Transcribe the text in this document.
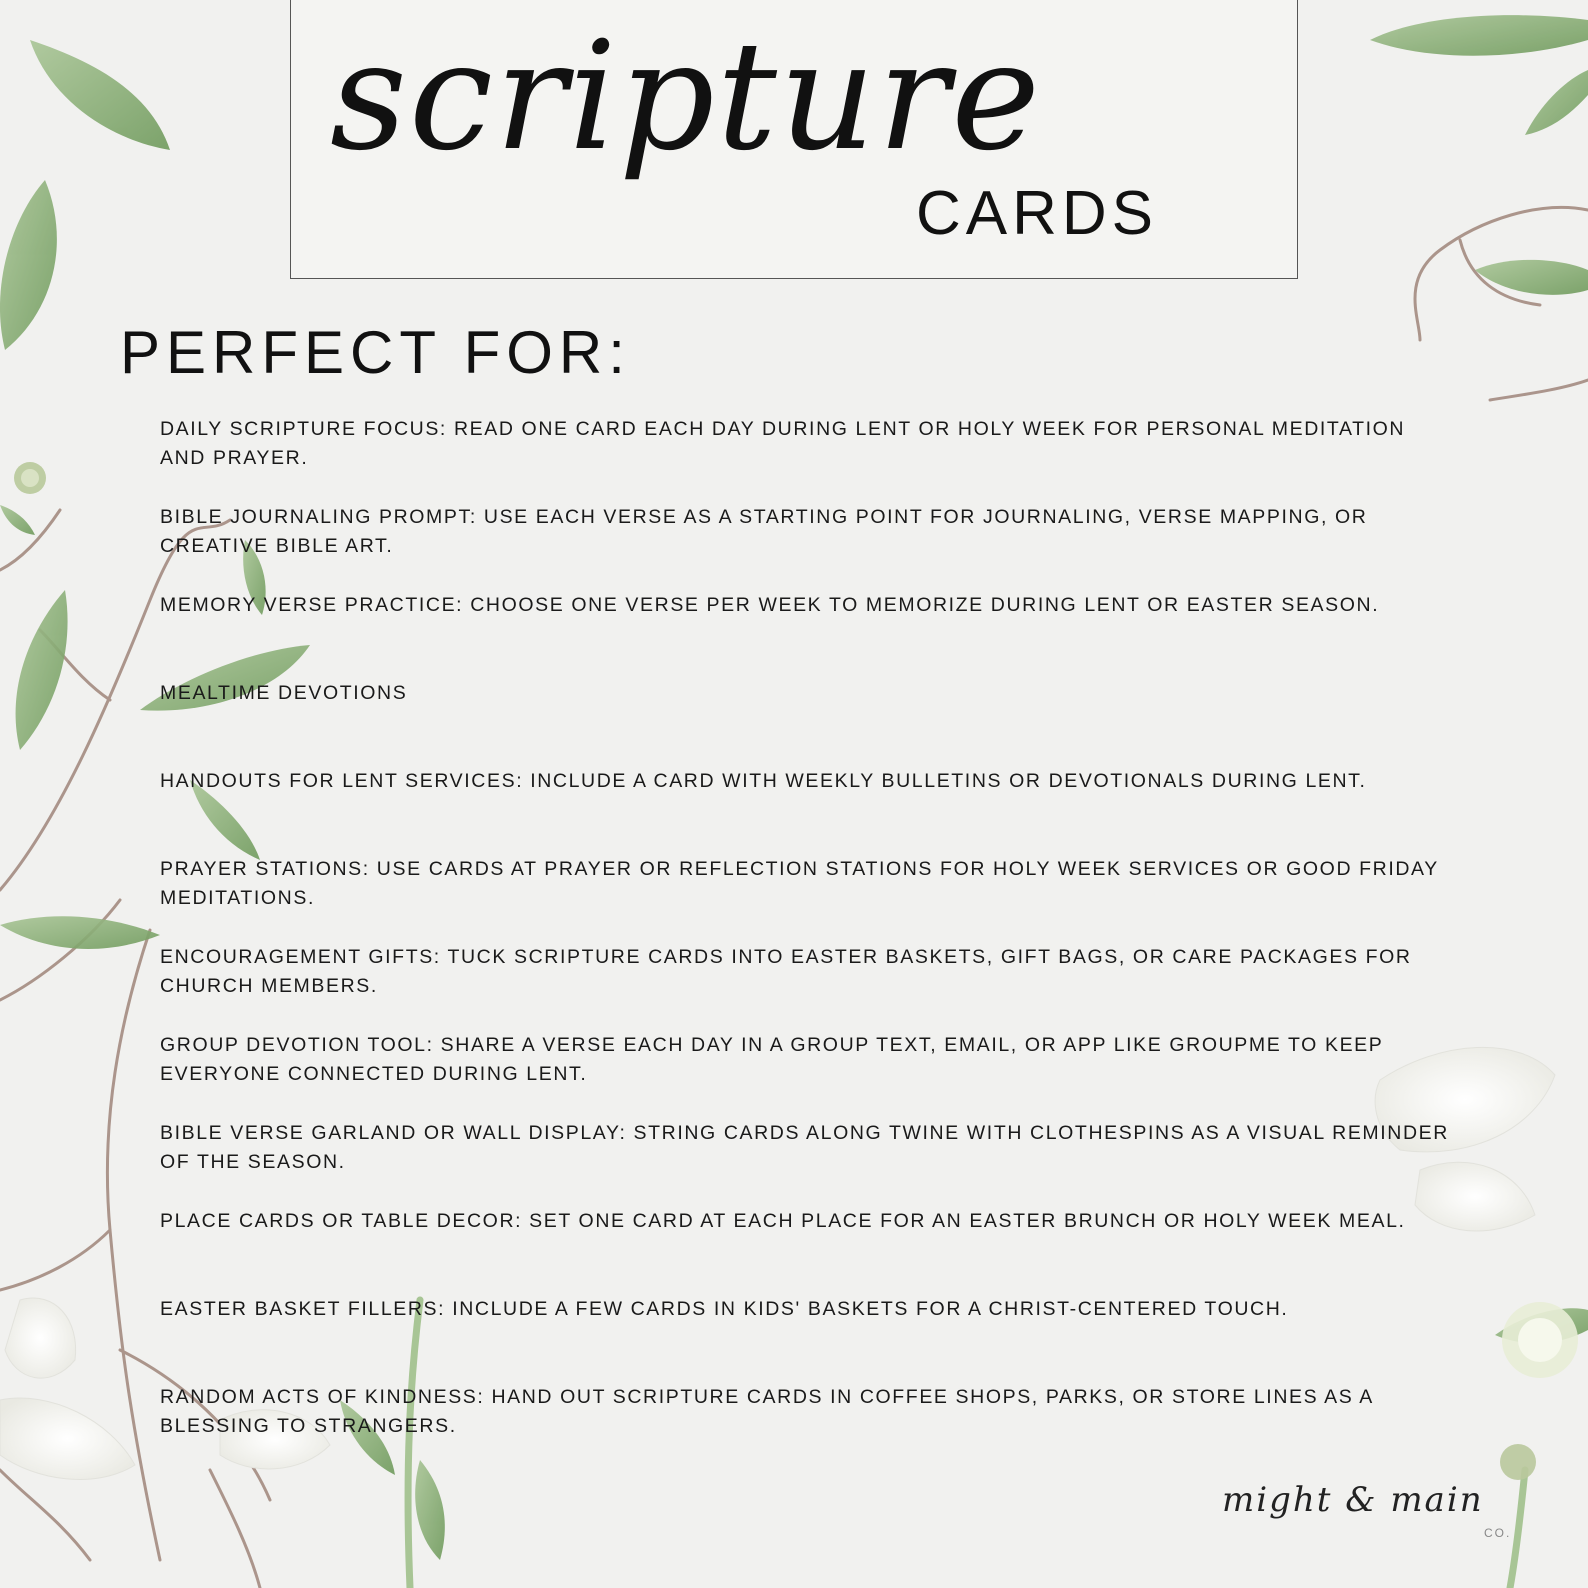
scripture
CARDS
PERFECT FOR:
DAILY SCRIPTURE FOCUS: READ ONE CARD EACH DAY DURING LENT OR HOLY WEEK FOR PERSONAL MEDITATION AND PRAYER.
BIBLE JOURNALING PROMPT: USE EACH VERSE AS A STARTING POINT FOR JOURNALING, VERSE MAPPING, OR CREATIVE BIBLE ART.
MEMORY VERSE PRACTICE: CHOOSE ONE VERSE PER WEEK TO MEMORIZE DURING LENT OR EASTER SEASON.
MEALTIME DEVOTIONS
HANDOUTS FOR LENT SERVICES: INCLUDE A CARD WITH WEEKLY BULLETINS OR DEVOTIONALS DURING LENT.
PRAYER STATIONS: USE CARDS AT PRAYER OR REFLECTION STATIONS FOR HOLY WEEK SERVICES OR GOOD FRIDAY MEDITATIONS.
ENCOURAGEMENT GIFTS: TUCK SCRIPTURE CARDS INTO EASTER BASKETS, GIFT BAGS, OR CARE PACKAGES FOR CHURCH MEMBERS.
GROUP DEVOTION TOOL: SHARE A VERSE EACH DAY IN A GROUP TEXT, EMAIL, OR APP LIKE GROUPME TO KEEP EVERYONE CONNECTED DURING LENT.
BIBLE VERSE GARLAND OR WALL DISPLAY: STRING CARDS ALONG TWINE WITH CLOTHESPINS AS A VISUAL REMINDER OF THE SEASON.
PLACE CARDS OR TABLE DECOR: SET ONE CARD AT EACH PLACE FOR AN EASTER BRUNCH OR HOLY WEEK MEAL.
EASTER BASKET FILLERS: INCLUDE A FEW CARDS IN KIDS' BASKETS FOR A CHRIST-CENTERED TOUCH.
RANDOM ACTS OF KINDNESS: HAND OUT SCRIPTURE CARDS IN COFFEE SHOPS, PARKS, OR STORE LINES AS A BLESSING TO STRANGERS.
might & main
CO.
